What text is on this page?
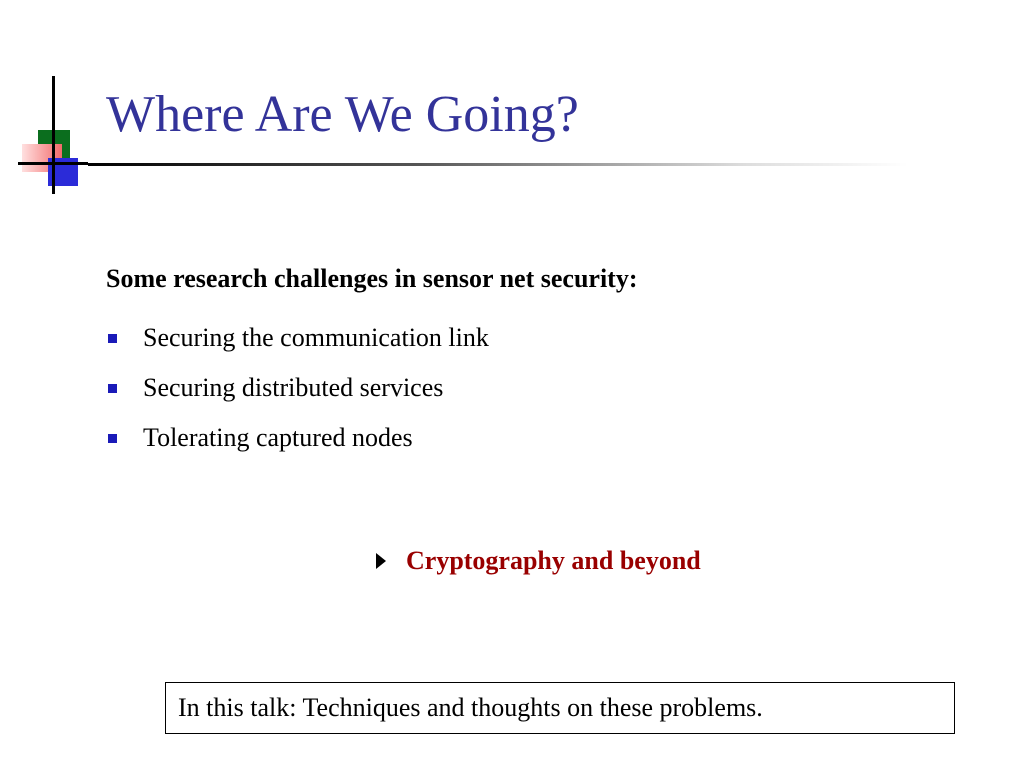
Where Are We Going?

Some research challenges in sensor net security:

Securing the communication link
Securing distributed services
Tolerating captured nodes
Cryptography and beyond
In this talk: Techniques and thoughts on these problems.
